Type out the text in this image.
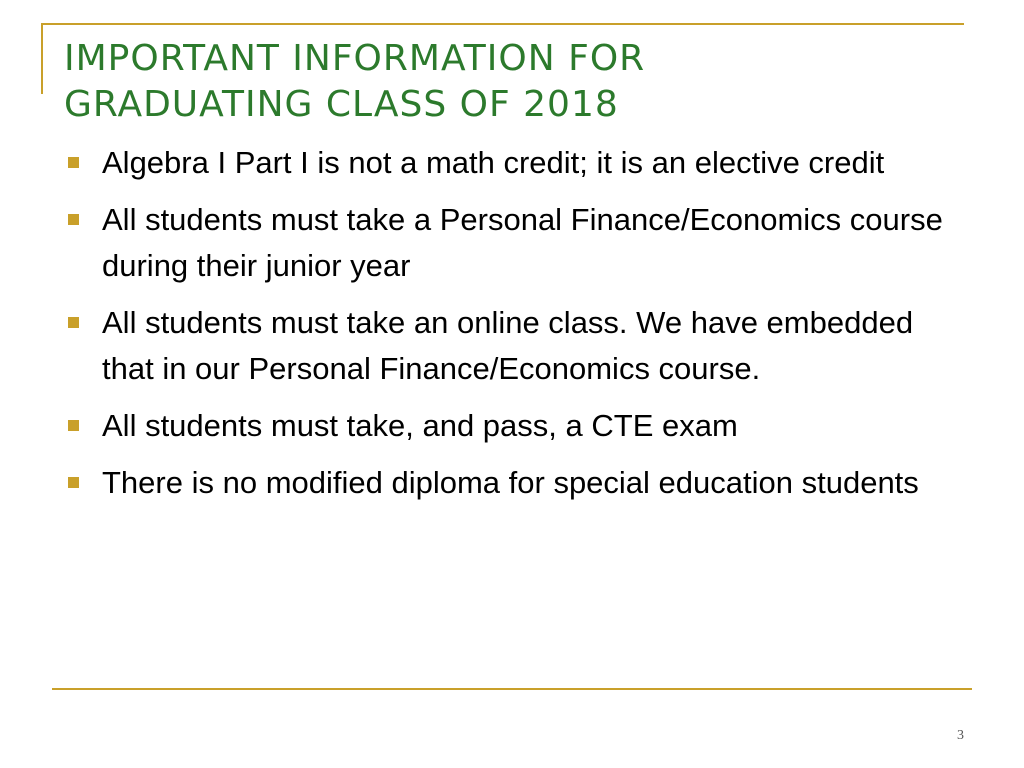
IMPORTANT INFORMATION FOR
GRADUATING CLASS OF 2018
Algebra I Part I is not a math credit; it is an elective credit
All students must take a Personal Finance/Economics course during their junior year
All students must take an online class. We have embedded that in our Personal Finance/Economics course.
All students must take, and pass, a CTE exam
There is no modified diploma for special education students
3
